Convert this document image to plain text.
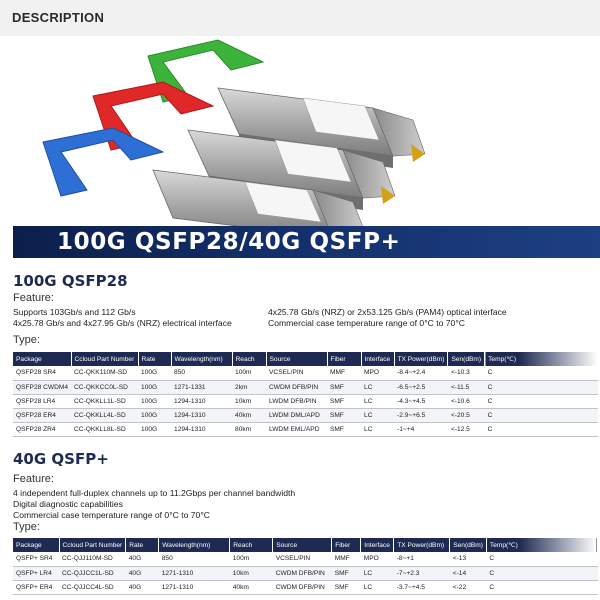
DESCRIPTION
100G QSFP28/40G QSFP+
100G QSFP28
Feature:
Supports 103Gb/s and 112 Gb/s
4x25.78 Gb/s and 4x27.95 Gb/s (NRZ) electrical interface
4x25.78 Gb/s (NRZ) or 2x53.125 Gb/s (PAM4) optical interface
Commercial case temperature range of 0°C to 70°C
Type:
Package	Ccloud Part Number	Rate	Wavelength(nm)	Reach	Source	Fiber	Interface	TX Power(dBm)	Sen(dBm)	Temp(℃)
QSFP28 SR4	CC-QKK110M-SD	100G	850	100m	VCSEL/PIN	MMF	MPO	-8.4~+2.4	<-10.3	C
QSFP28 CWDM4	CC-QKKCC0L-SD	100G	1271-1331	2km	CWDM DFB/PIN	SMF	LC	-6.5~+2.5	<-11.5	C
QSFP28 LR4	CC-QKKLL1L-SD	100G	1294-1310	10km	LWDM DFB/PIN	SMF	LC	-4.3~+4.5	<-10.6	C
QSFP28 ER4	CC-QKKLL4L-SD	100G	1294-1310	40km	LWDM DML/APD	SMF	LC	-2.9~+6.5	<-20.5	C
QSFP28 ZR4	CC-QKKLL8L-SD	100G	1294-1310	80km	LWDM EML/APD	SMF	LC	-1~+4	<-12.5	C
40G QSFP+
Feature:
4 independent full-duplex channels up to 11.2Gbps per channel bandwidth
Digital diagnostic capabilities
Commercial case temperature range of 0°C to 70°C
Type:
Package	Ccloud Part Number	Rate	Wavelength(nm)	Reach	Source	Fiber	Interface	TX Power(dBm)	Sen(dBm)	Temp(℃)
QSFP+ SR4	CC-QJJ110M-SD	40G	850	100m	VCSEL/PIN	MMF	MPO	-8~+1	<-13	C
QSFP+ LR4	CC-QJJCC1L-SD	40G	1271-1310	10km	CWDM DFB/PIN	SMF	LC	-7~+2.3	<-14	C
QSFP+ ER4	CC-QJJCC4L-SD	40G	1271-1310	40km	CWDM DFB/PIN	SMF	LC	-3.7~+4.5	<-22	C
